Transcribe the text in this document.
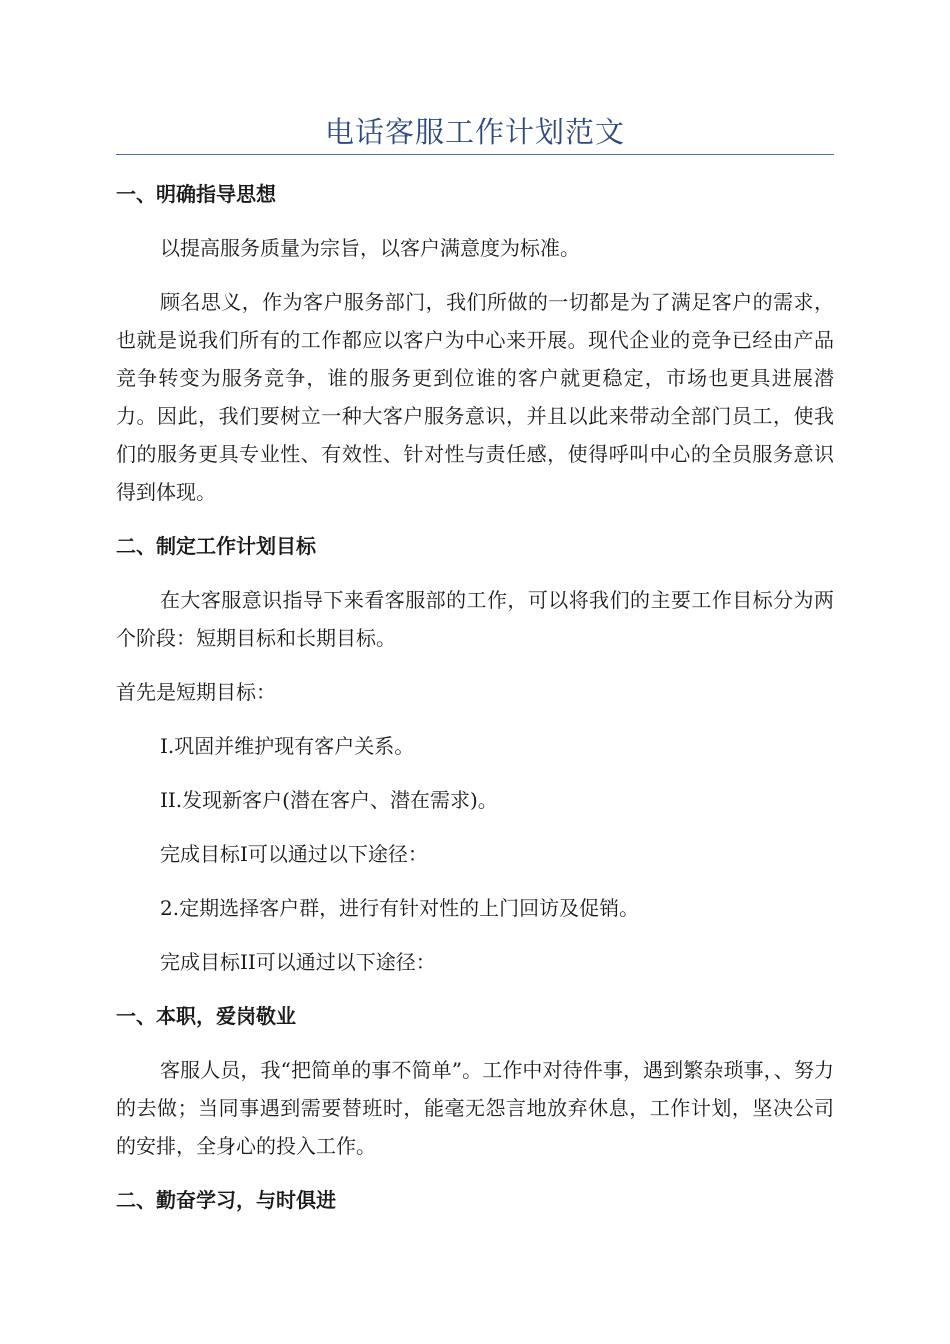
电话客服工作计划范文
一、明确指导思想

以提高服务质量为宗旨，以客户满意度为标准。

顾名思义，作为客户服务部门，我们所做的一切都是为了满足客户的需求，也就是说我们所有的工作都应以客户为中心来开展。现代企业的竞争已经由产品竞争转变为服务竞争，谁的服务更到位谁的客户就更稳定，市场也更具进展潜力。因此，我们要树立一种大客户服务意识，并且以此来带动全部门员工，使我们的服务更具专业性、有效性、针对性与责任感，使得呼叫中心的全员服务意识得到体现。

二、制定工作计划目标

在大客服意识指导下来看客服部的工作，可以将我们的主要工作目标分为两个阶段：短期目标和长期目标。

首先是短期目标：

I.巩固并维护现有客户关系。

II.发现新客户(潜在客户、潜在需求)。

完成目标I可以通过以下途径：

2.定期选择客户群，进行有针对性的上门回访及促销。

完成目标II可以通过以下途径：

一、本职，爱岗敬业

客服人员，我“把简单的事不简单”。工作中对待件事，遇到繁杂琐事，、努力的去做；当同事遇到需要替班时，能毫无怨言地放弃休息，工作计划，坚决公司的安排，全身心的投入工作。

二、勤奋学习，与时俱进
